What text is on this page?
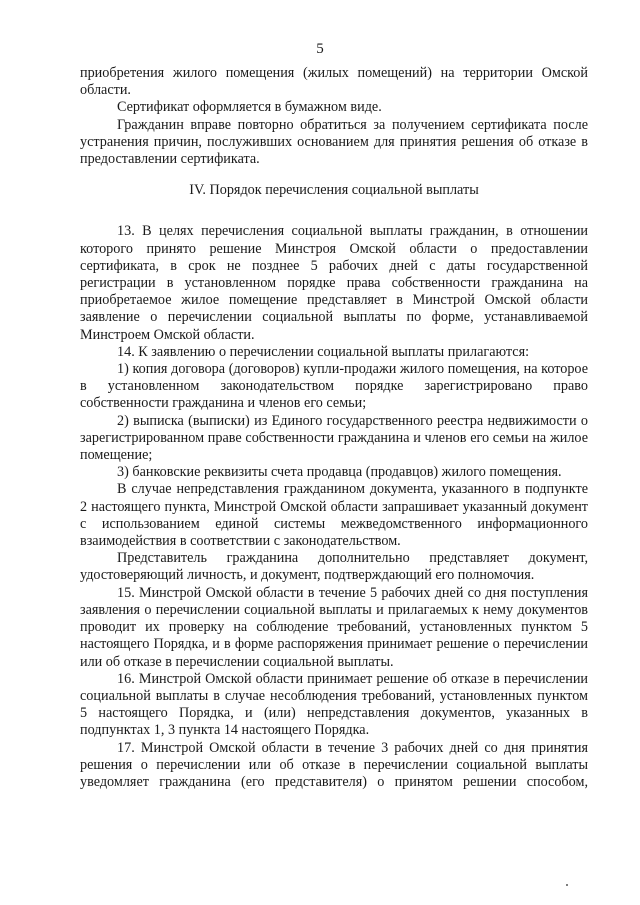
5

приобретения жилого помещения (жилых помещений) на территории Омской области.

Сертификат оформляется в бумажном виде.

Гражданин вправе повторно обратиться за получением сертификата после устранения причин, послуживших основанием для принятия решения об отказе в предоставлении сертификата.

IV. Порядок перечисления социальной выплаты

13. В целях перечисления социальной выплаты гражданин, в отношении которого принято решение Минстроя Омской области о предоставлении сертификата, в срок не позднее 5 рабочих дней с даты государственной регистрации в установленном порядке права собственности гражданина на приобретаемое жилое помещение представляет в Минстрой Омской области заявление о перечислении социальной выплаты по форме, устанавливаемой Минстроем Омской области.

14. К заявлению о перечислении социальной выплаты прилагаются:

1) копия договора (договоров) купли-продажи жилого помещения, на которое в установленном законодательством порядке зарегистрировано право собственности гражданина и членов его семьи;

2) выписка (выписки) из Единого государственного реестра недвижимости о зарегистрированном праве собственности гражданина и членов его семьи на жилое помещение;

3) банковские реквизиты счета продавца (продавцов) жилого помещения.

В случае непредставления гражданином документа, указанного в подпункте 2 настоящего пункта, Минстрой Омской области запрашивает указанный документ с использованием единой системы межведомственного информационного взаимодействия в соответствии с законодательством.

Представитель гражданина дополнительно представляет документ, удостоверяющий личность, и документ, подтверждающий его полномочия.

15. Минстрой Омской области в течение 5 рабочих дней со дня поступления заявления о перечислении социальной выплаты и прилагаемых к нему документов проводит их проверку на соблюдение требований, установленных пунктом 5 настоящего Порядка, и в форме распоряжения принимает решение о перечислении или об отказе в перечислении социальной выплаты.

16. Минстрой Омской области принимает решение об отказе в перечислении социальной выплаты в случае несоблюдения требований, установленных пунктом 5 настоящего Порядка, и (или) непредставления документов, указанных в подпунктах 1, 3 пункта 14 настоящего Порядка.

17. Минстрой Омской области в течение 3 рабочих дней со дня принятия решения о перечислении или об отказе в перечислении социальной выплаты уведомляет гражданина (его представителя) о принятом решении способом,
